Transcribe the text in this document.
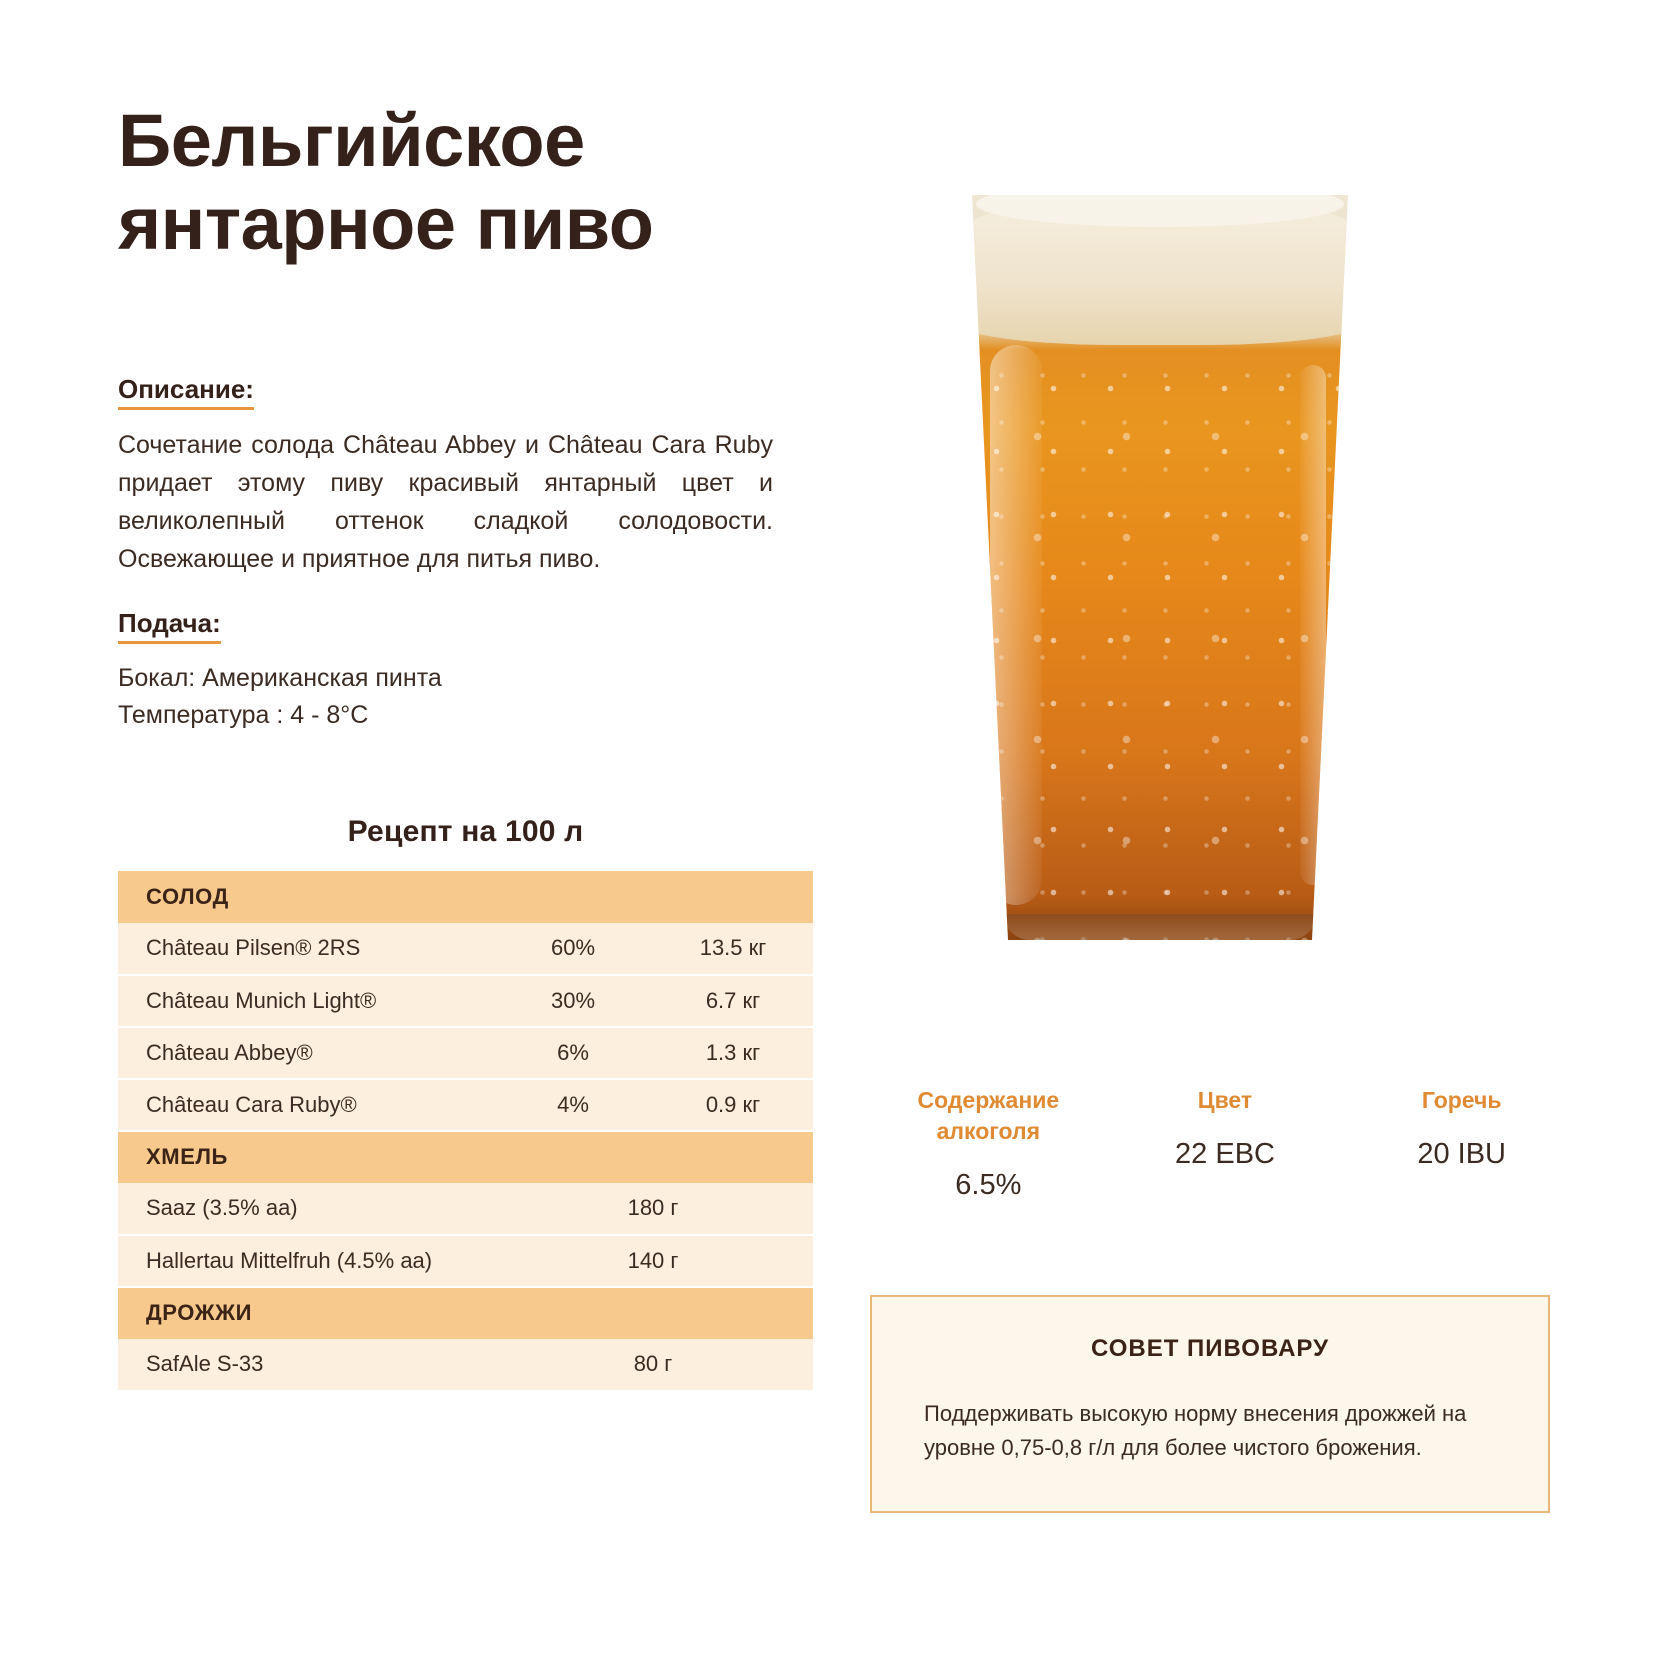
Бельгийское янтарное пиво
Описание:

Сочетание солода Château Abbey и Château Cara Ruby придает этому пиву красивый янтарный цвет и великолепный оттенок сладкой солодовости. Освежающее и приятное для питья пиво.

Подача:

Бокал: Американская пинта

Температура : 4 - 8°C

Рецепт на 100 л
СОЛОД		
Château Pilsen® 2RS	60%	13.5 кг
Château Munich Light®	30%	6.7 кг
Château Abbey®	6%	1.3 кг
Château Cara Ruby®	4%	0.9 кг
ХМЕЛЬ		
Saaz (3.5% aa)	180 г	
Hallertau Mittelfruh (4.5% aa)	140 г	
ДРОЖЖИ		
SafAle S-33	80 г	
Содержание алкоголя
6.5%
Цвет
22 EBC
Горечь
20 IBU
СОВЕТ ПИВОВАРУ

Поддерживать высокую норму внесения дрожжей на уровне 0,75-0,8 г/л для более чистого брожения.
